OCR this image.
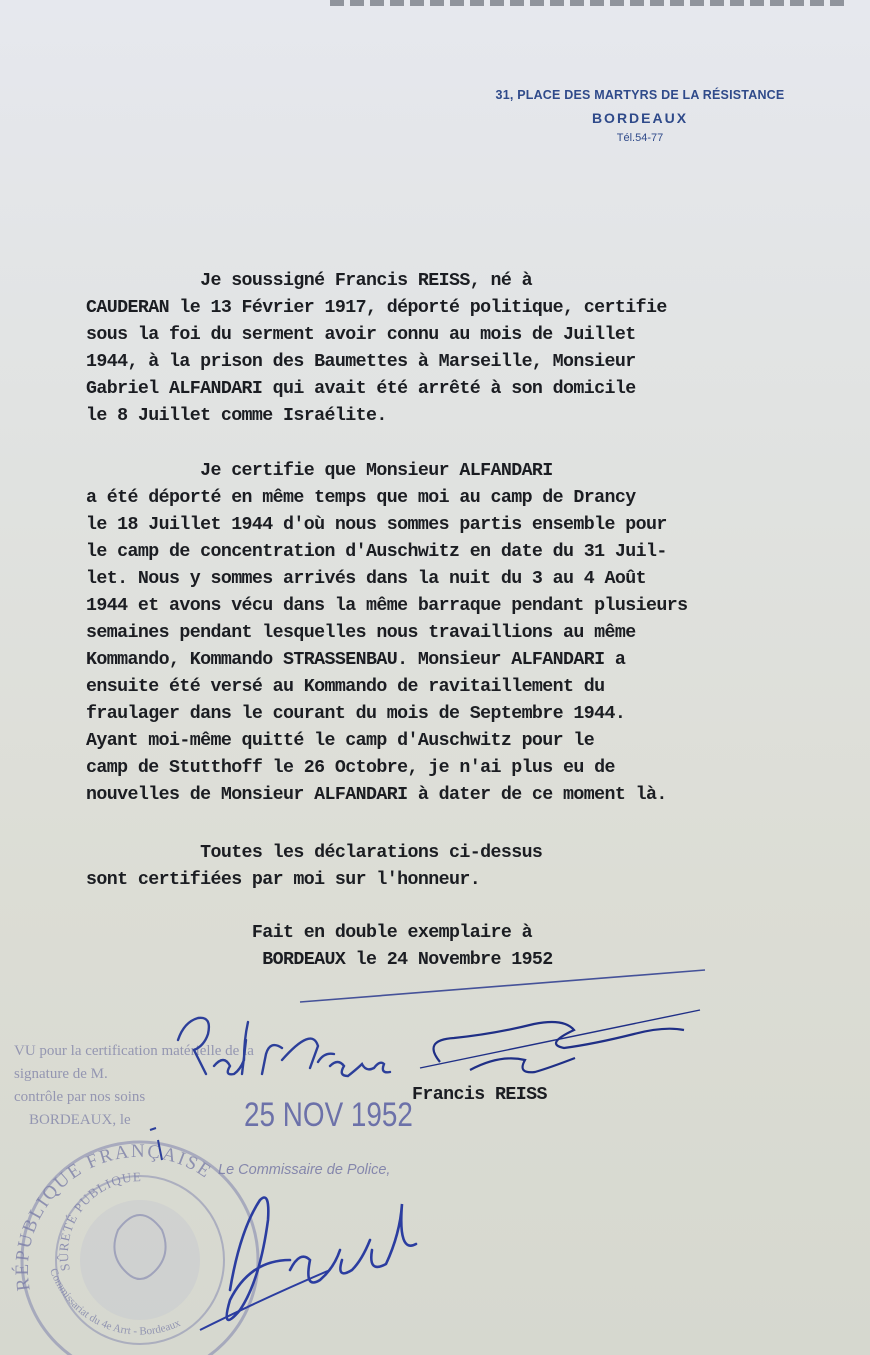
31, PLACE DES MARTYRS DE LA RÉSISTANCE
BORDEAUX
Tél.54-77
Je soussigné Francis REISS, né à
CAUDERAN le 13 Février 1917, déporté politique, certifie
sous la foi du serment avoir connu au mois de Juillet
1944, à la prison des Baumettes à Marseille, Monsieur
Gabriel ALFANDARI qui avait été arrêté à son domicile
le 8 Juillet comme Israélite.
Je certifie que Monsieur ALFANDARI
a été déporté en même temps que moi au camp de Drancy
le 18 Juillet 1944 d'où nous sommes partis ensemble pour
le camp de concentration d'Auschwitz en date du 31 Juil-
let. Nous y sommes arrivés dans la nuit du 3 au 4 Août
1944 et avons vécu dans la même barraque pendant plusieurs
semaines pendant lesquelles nous travaillions au même
Kommando, Kommando STRASSENBAU. Monsieur ALFANDARI a
ensuite été versé au Kommando de ravitaillement du
fraulager dans le courant du mois de Septembre 1944.
Ayant moi-même quitté le camp d'Auschwitz pour le
camp de Stutthoff le 26 Octobre, je n'ai plus eu de
nouvelles de Monsieur ALFANDARI à dater de ce moment là.
Toutes les déclarations ci-dessus
sont certifiées par moi sur l'honneur.
Fait en double exemplaire à
BORDEAUX le 24 Novembre 1952
VU pour la certification matérielle de la
signature de M.
contrôle par nos soins
BORDEAUX, le	25 NOV 1952
Le Commissaire de Police,
RÉPUBLIQUE FRANÇAISE
SÛRETÉ PUBLIQUE
Commissariat du 4e Arrt - Bordeaux
Francis REISS
